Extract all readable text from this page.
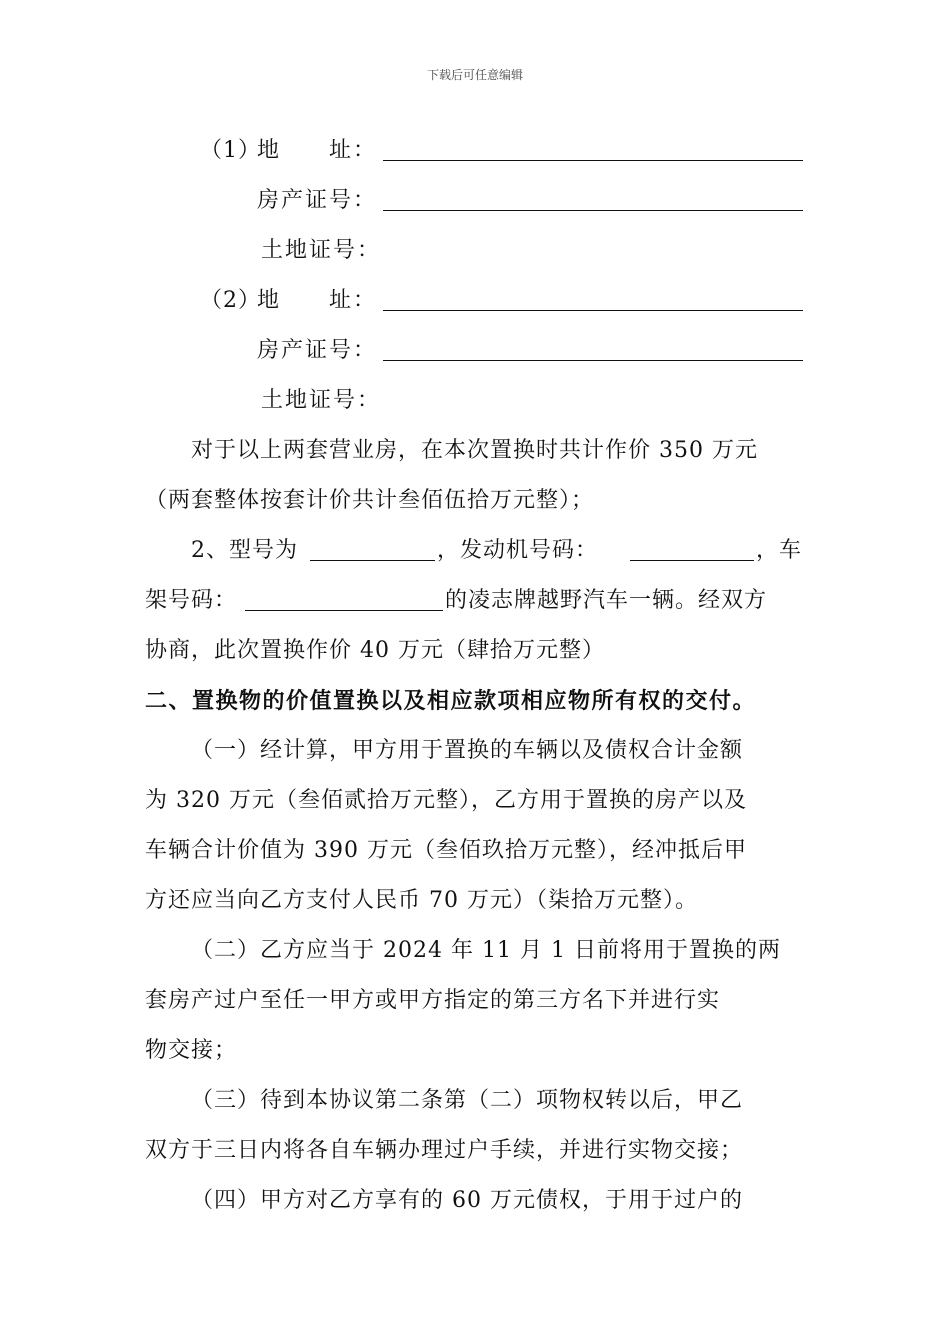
下载后可任意编辑
（1）
地　　址：
房产证号：
土地证号：
（2）
地　　址：
房产证号：
土地证号：
对于以上两套营业房，在本次置换时共计作价 350 万元
（两套整体按套计价共计叁佰伍拾万元整）；
2、型号为	，发动机号码：	，车
架号码：	的凌志牌越野汽车一辆。经双方
协商，此次置换作价 40 万元（肆拾万元整）
二、置换物的价值置换以及相应款项相应物所有权的交付。
（一）经计算，甲方用于置换的车辆以及债权合计金额
为 320 万元（叁佰贰拾万元整），乙方用于置换的房产以及
车辆合计价值为 390 万元（叁佰玖拾万元整），经冲抵后甲
方还应当向乙方支付人民币 70 万元）（柒拾万元整）。
（二）乙方应当于 2024 年 11 月 1 日前将用于置换的两
套房产过户至任一甲方或甲方指定的第三方名下并进行实
物交接；
（三）待到本协议第二条第（二）项物权转以后，甲乙
双方于三日内将各自车辆办理过户手续，并进行实物交接；
（四）甲方对乙方享有的 60 万元债权，于用于过户的
